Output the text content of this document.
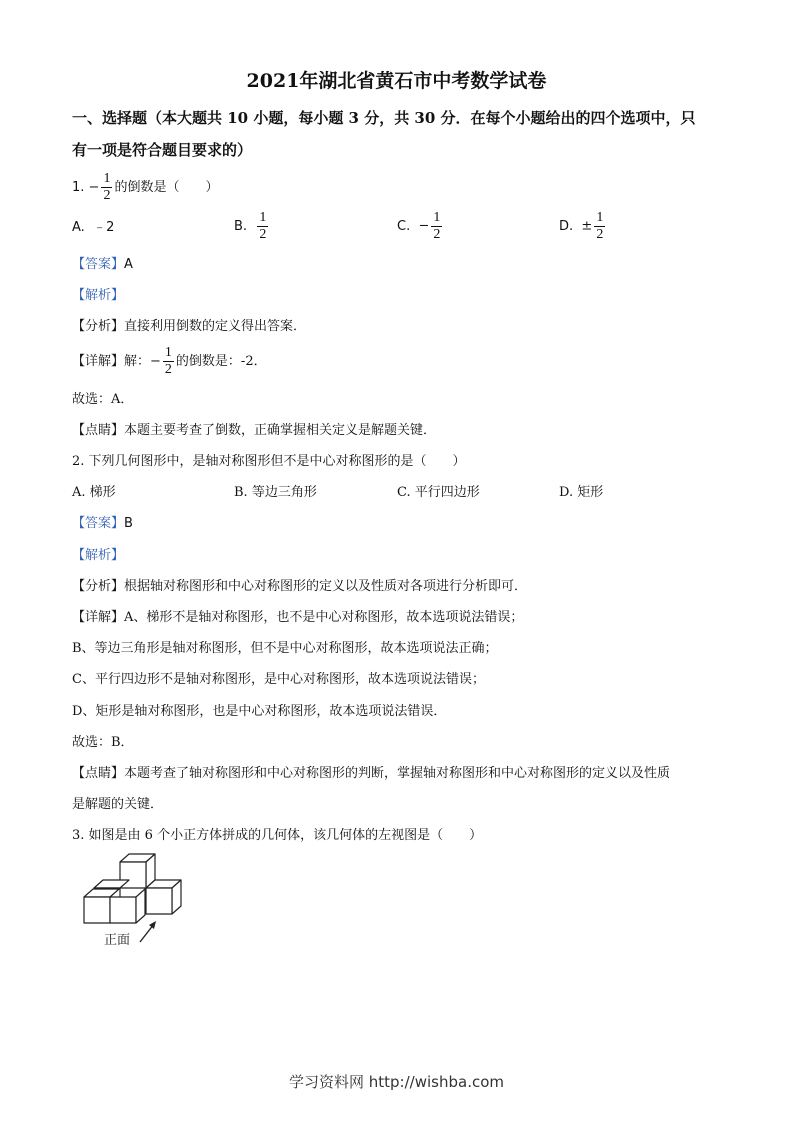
2021年湖北省黄石市中考数学试卷
一、选择题（本大题共 10 小题，每小题 3 分，共 30 分．在每个小题给出的四个选项中，只
有一项是符合题目要求的）
1. − $\frac{1}{2}$ 的倒数是（　　）
A. ﹣2	B. $\frac{1}{2}$	C. − $\frac{1}{2}$	D. ± $\frac{1}{2}$
【答案】A
【解析】
【分析】直接利用倒数的定义得出答案．
【详解】解：− $\frac{1}{2}$ 的倒数是：-2．
故选：A．
【点睛】本题主要考查了倒数，正确掌握相关定义是解题关键．
2. 下列几何图形中，是轴对称图形但不是中心对称图形的是（　　）
A. 梯形	B. 等边三角形	C. 平行四边形	D. 矩形
【答案】B
【解析】
【分析】根据轴对称图形和中心对称图形的定义以及性质对各项进行分析即可．
【详解】A、梯形不是轴对称图形，也不是中心对称图形，故本选项说法错误；
B、等边三角形是轴对称图形，但不是中心对称图形，故本选项说法正确；
C、平行四边形不是轴对称图形，是中心对称图形，故本选项说法错误；
D、矩形是轴对称图形，也是中心对称图形，故本选项说法错误．
故选：B．
【点睛】本题考查了轴对称图形和中心对称图形的判断，掌握轴对称图形和中心对称图形的定义以及性质
是解题的关键．
3. 如图是由 6 个小正方体拼成的几何体，该几何体的左视图是（　　）
正面
学习资料网 http://wishba.com
